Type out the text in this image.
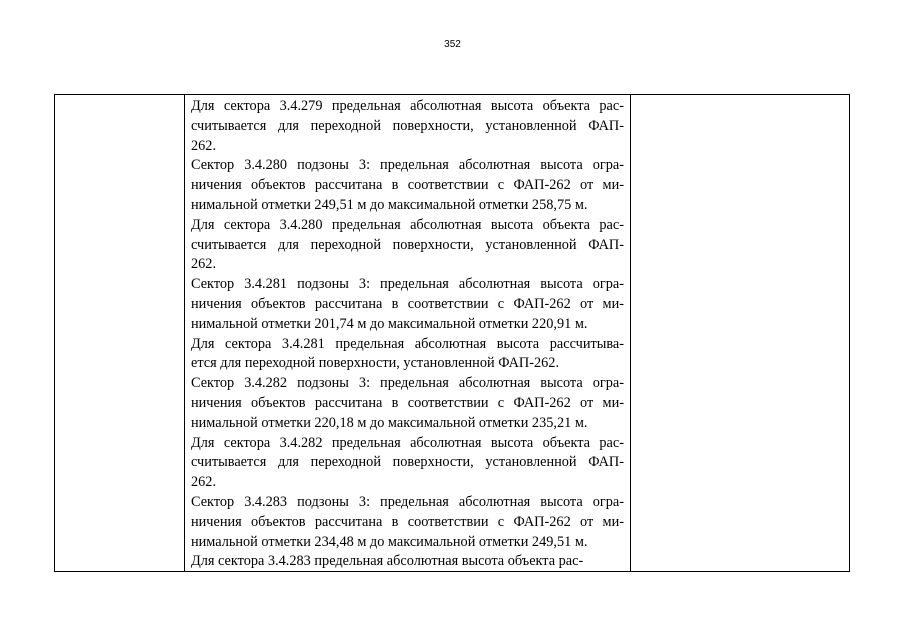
352

Для сектора 3.4.279 предельная абсолютная высота объекта рас-
считывается для переходной поверхности, установленной ФАП-
262.

Сектор 3.4.280 подзоны 3: предельная абсолютная высота огра-
ничения объектов рассчитана в соответствии с ФАП-262 от ми-
нимальной отметки 249,51 м до максимальной отметки 258,75 м.

Для сектора 3.4.280 предельная абсолютная высота объекта рас-
считывается для переходной поверхности, установленной ФАП-
262.

Сектор 3.4.281 подзоны 3: предельная абсолютная высота огра-
ничения объектов рассчитана в соответствии с ФАП-262 от ми-
нимальной отметки 201,74 м до максимальной отметки 220,91 м.

Для сектора 3.4.281 предельная абсолютная высота рассчитыва-
ется для переходной поверхности, установленной ФАП-262.

Сектор 3.4.282 подзоны 3: предельная абсолютная высота огра-
ничения объектов рассчитана в соответствии с ФАП-262 от ми-
нимальной отметки 220,18 м до максимальной отметки 235,21 м.

Для сектора 3.4.282 предельная абсолютная высота объекта рас-
считывается для переходной поверхности, установленной ФАП-
262.

Сектор 3.4.283 подзоны 3: предельная абсолютная высота огра-
ничения объектов рассчитана в соответствии с ФАП-262 от ми-
нимальной отметки 234,48 м до максимальной отметки 249,51 м.

Для сектора 3.4.283 предельная абсолютная высота объекта рас-
